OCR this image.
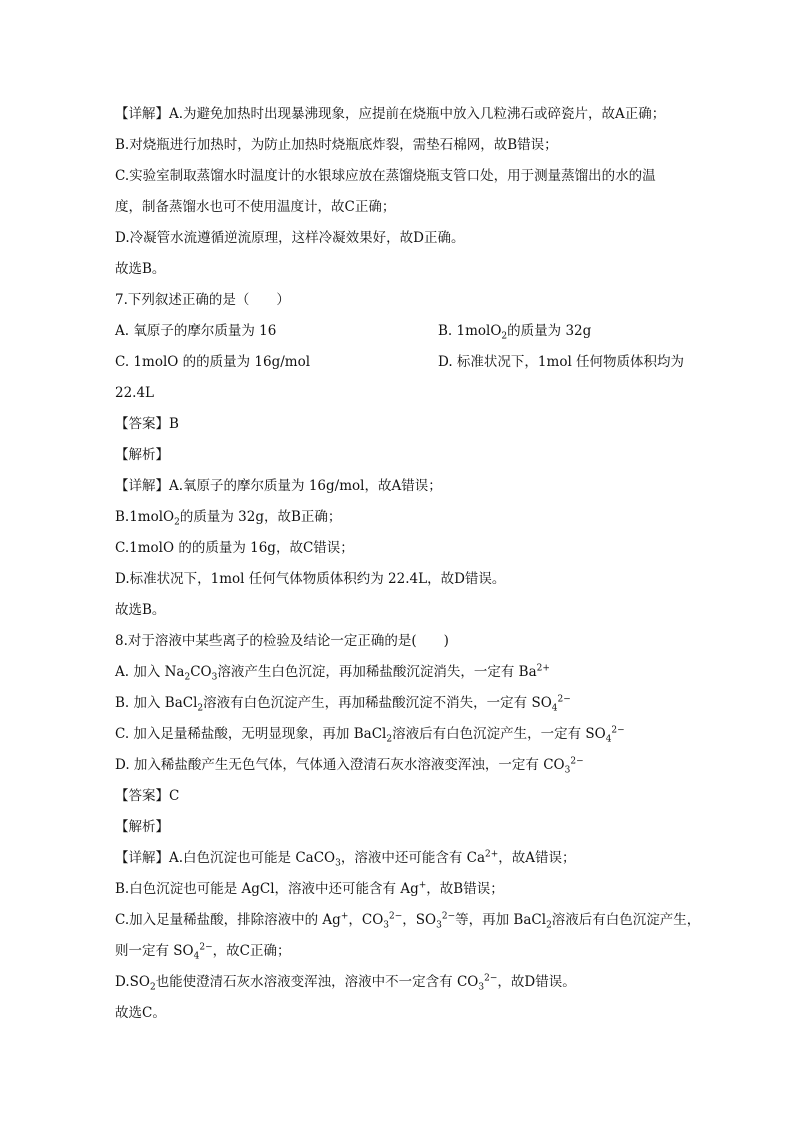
【详解】A.为避免加热时出现暴沸现象，应提前在烧瓶中放入几粒沸石或碎瓷片，故A正确；
B.对烧瓶进行加热时，为防止加热时烧瓶底炸裂，需垫石棉网，故B错误；
C.实验室制取蒸馏水时温度计的水银球应放在蒸馏烧瓶支管口处，用于测量蒸馏出的水的温
度，制备蒸馏水也可不使用温度计，故C正确；
D.冷凝管水流遵循逆流原理，这样冷凝效果好，故D正确。
故选B。
7.下列叙述正确的是（　　）
A. 氧原子的摩尔质量为 16	B. 1molO$_2$的质量为 32g
C. 1molO 的的质量为 16g/mol	D. 标准状况下，1mol 任何物质体积均为
22.4L
【答案】B
【解析】
【详解】A.氧原子的摩尔质量为 16g/mol，故A错误；
B.1molO$_2$的质量为 32g，故B正确；
C.1molO 的的质量为 16g，故C错误；
D.标准状况下，1mol 任何气体物质体积约为 22.4L，故D错误。
故选B。
8.对于溶液中某些离子的检验及结论一定正确的是(　　)
A. 加入 $Na_2CO_3$溶液产生白色沉淀，再加稀盐酸沉淀消失，一定有 $Ba^{2+}$
B. 加入 BaCl$_2$溶液有白色沉淀产生，再加稀盐酸沉淀不消失，一定有 $SO_4^{2-}$
C. 加入足量稀盐酸，无明显现象，再加 BaCl$_2$溶液后有白色沉淀产生，一定有 $SO_4^{2-}$
D. 加入稀盐酸产生无色气体，气体通入澄清石灰水溶液变浑浊，一定有 $CO_3^{2-}$
【答案】C
【解析】
【详解】A.白色沉淀也可能是 CaCO$_3$，溶液中还可能含有 $Ca^{2+}$，故A错误；
B.白色沉淀也可能是 AgCl，溶液中还可能含有 Ag+，故B错误；
C.加入足量稀盐酸，排除溶液中的 Ag+，$CO_3^{2-}$，$SO_3^{2-}$等，再加 BaCl$_2$溶液后有白色沉淀产生，
则一定有 $SO_4^{2-}$，故C正确；
$D.SO_2$也能使澄清石灰水溶液变浑浊，溶液中不一定含有 $CO_3^{2-}$，故D错误。
故选C。
